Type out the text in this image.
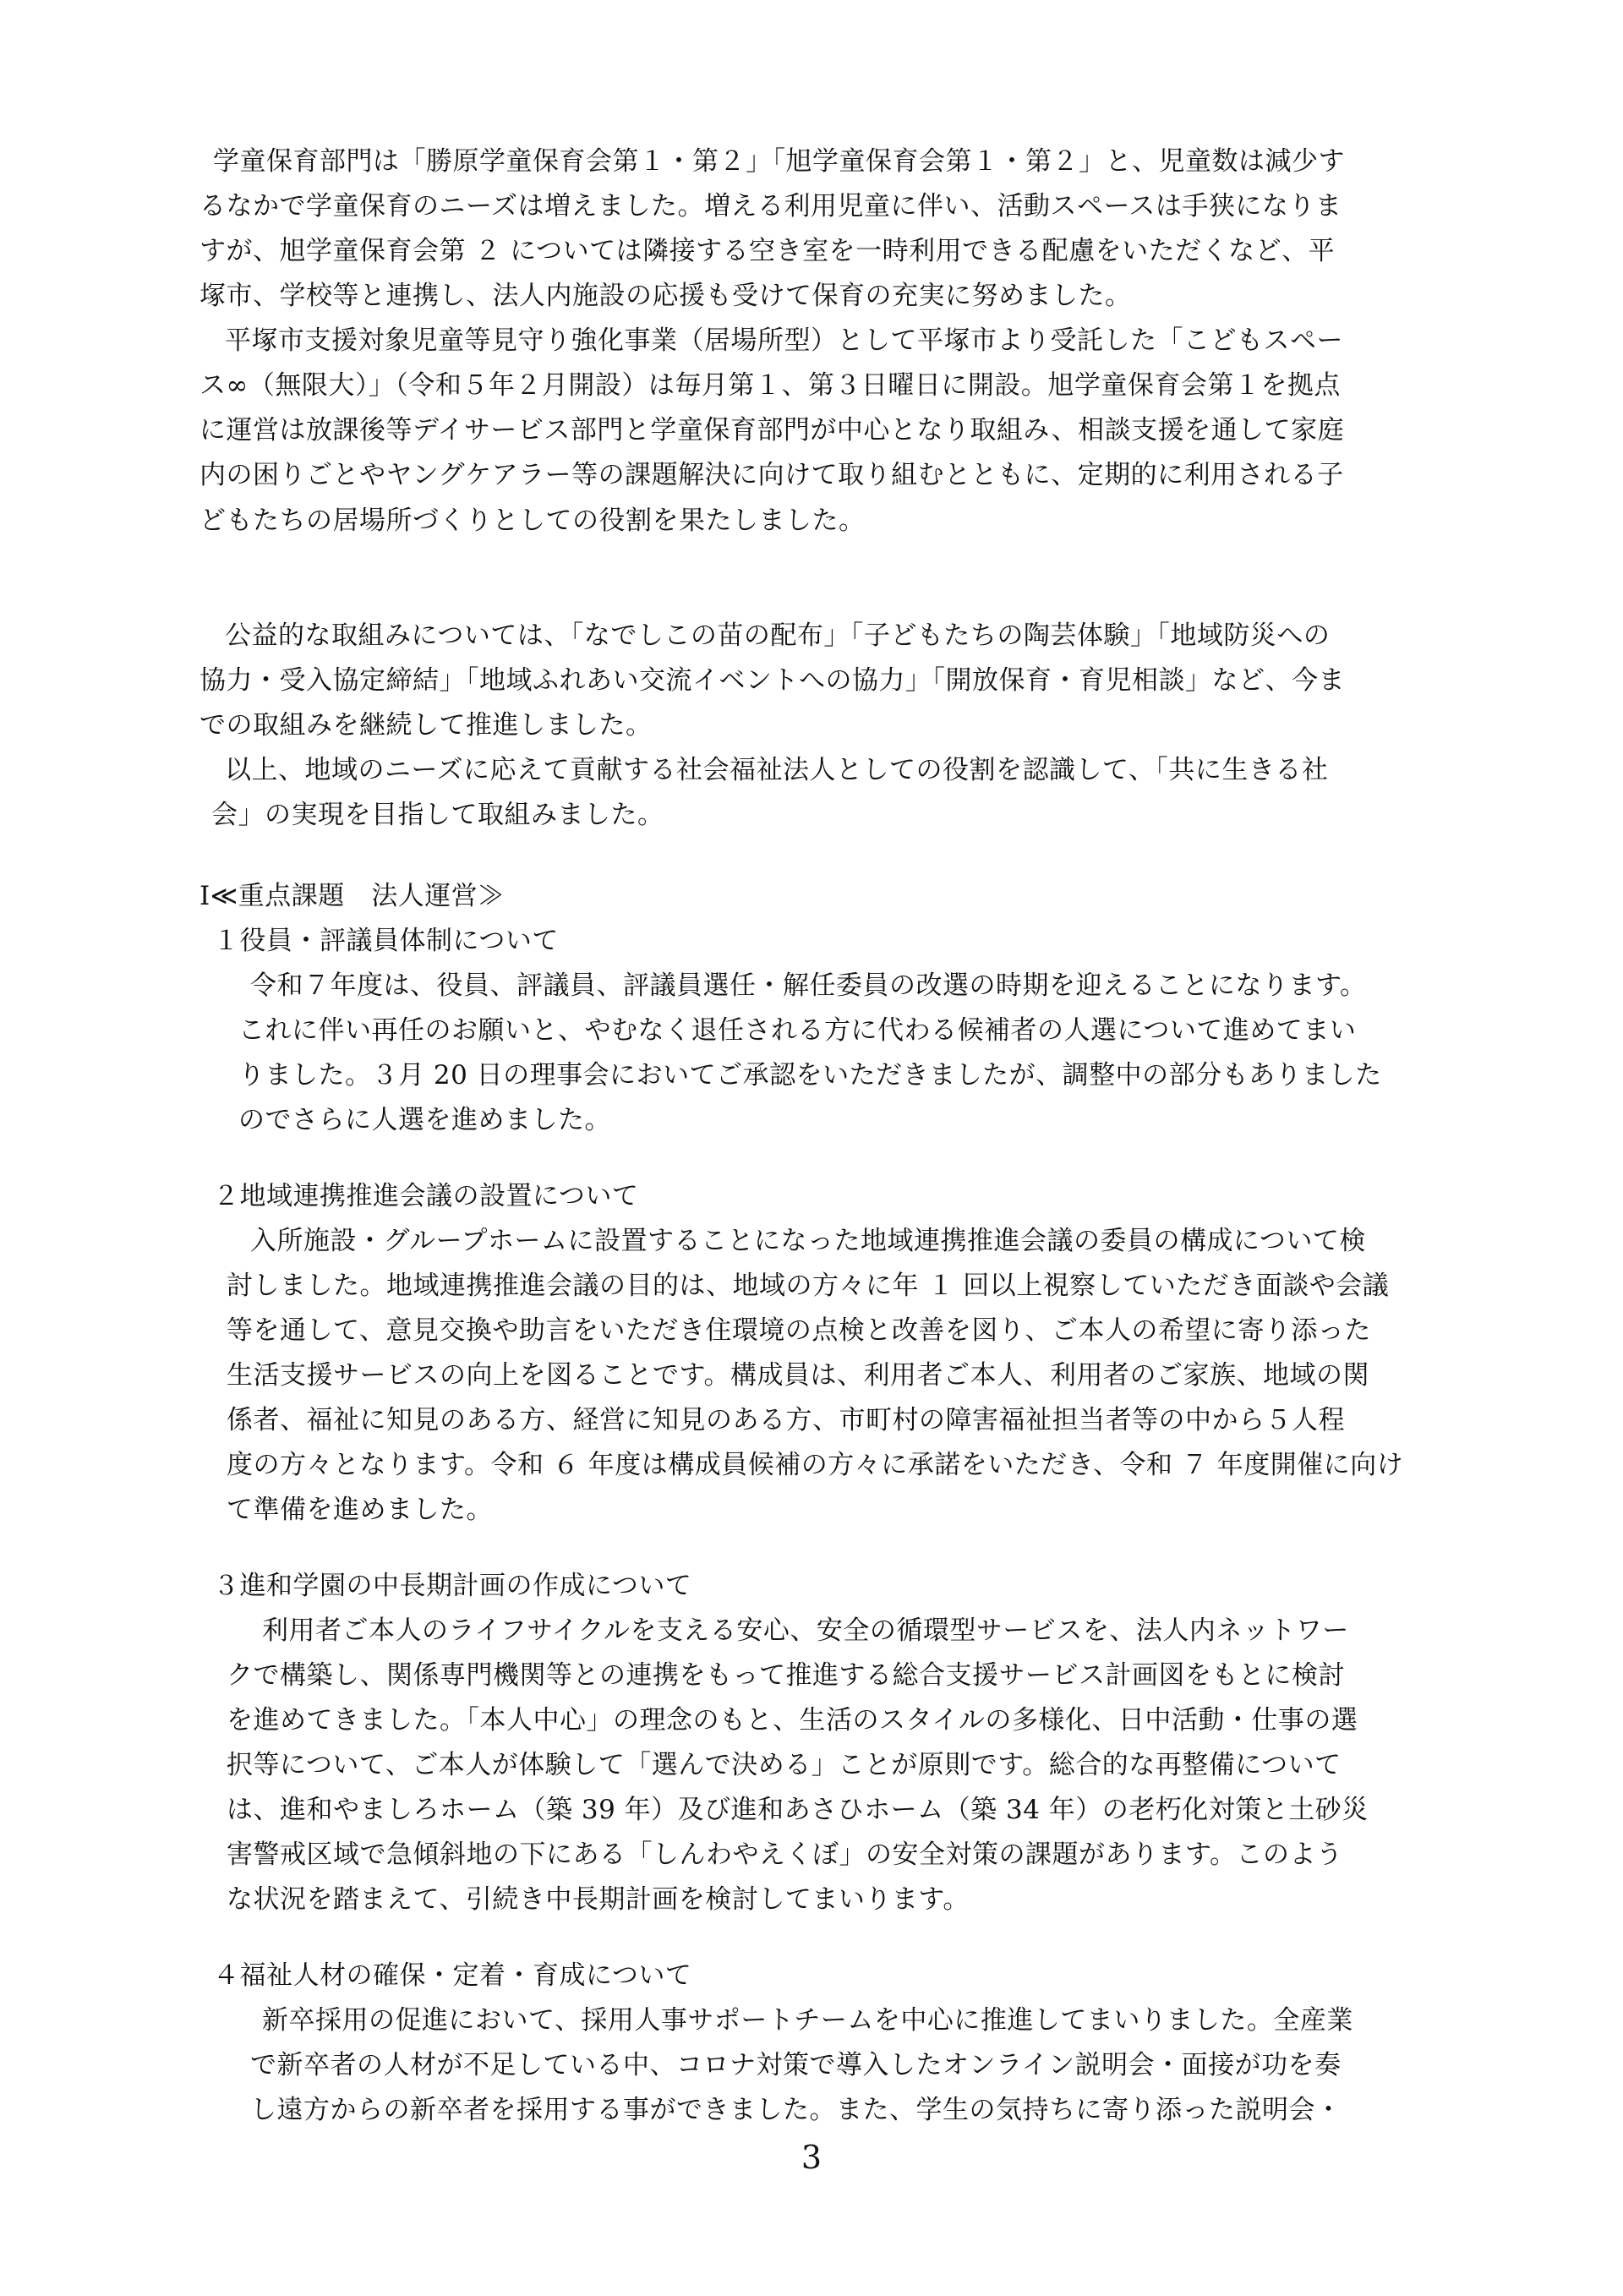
学童保育部門は「勝原学童保育会第１・第２」「旭学童保育会第１・第２」と、児童数は減少す
るなかで学童保育のニーズは増えました。増える利用児童に伴い、活動スペースは手狭になりま
すが、旭学童保育会第 ２ については隣接する空き室を一時利用できる配慮をいただくなど、平
塚市、学校等と連携し、法人内施設の応援も受けて保育の充実に努めました。
平塚市支援対象児童等見守り強化事業（居場所型）として平塚市より受託した「こどもスペー
ス∞（無限大）」（令和５年２月開設）は毎月第１、第３日曜日に開設。旭学童保育会第１を拠点
に運営は放課後等デイサービス部門と学童保育部門が中心となり取組み、相談支援を通して家庭
内の困りごとやヤングケアラー等の課題解決に向けて取り組むとともに、定期的に利用される子
どもたちの居場所づくりとしての役割を果たしました。
公益的な取組みについては、「なでしこの苗の配布」「子どもたちの陶芸体験」「地域防災への
協力・受入協定締結」「地域ふれあい交流イベントへの協力」「開放保育・育児相談」など、今ま
での取組みを継続して推進しました。
以上、地域のニーズに応えて貢献する社会福祉法人としての役割を認識して、「共に生きる社
会」の実現を目指して取組みました。
Ⅰ≪重点課題　法人運営≫
１役員・評議員体制について
令和７年度は、役員、評議員、評議員選任・解任委員の改選の時期を迎えることになります。
これに伴い再任のお願いと、やむなく退任される方に代わる候補者の人選について進めてまい
りました。３月 20 日の理事会においてご承認をいただきましたが、調整中の部分もありました
のでさらに人選を進めました。
２地域連携推進会議の設置について
入所施設・グループホームに設置することになった地域連携推進会議の委員の構成について検
討しました。地域連携推進会議の目的は、地域の方々に年 １ 回以上視察していただき面談や会議
等を通して、意見交換や助言をいただき住環境の点検と改善を図り、ご本人の希望に寄り添った
生活支援サービスの向上を図ることです。構成員は、利用者ご本人、利用者のご家族、地域の関
係者、福祉に知見のある方、経営に知見のある方、市町村の障害福祉担当者等の中から５人程
度の方々となります。令和 ６ 年度は構成員候補の方々に承諾をいただき、令和 ７ 年度開催に向け
て準備を進めました。
３進和学園の中長期計画の作成について
利用者ご本人のライフサイクルを支える安心、安全の循環型サービスを、法人内ネットワー
クで構築し、関係専門機関等との連携をもって推進する総合支援サービス計画図をもとに検討
を進めてきました。「本人中心」の理念のもと、生活のスタイルの多様化、日中活動・仕事の選
択等について、ご本人が体験して「選んで決める」ことが原則です。総合的な再整備について
は、進和やましろホーム（築 39 年）及び進和あさひホーム（築 34 年）の老朽化対策と土砂災
害警戒区域で急傾斜地の下にある「しんわやえくぼ」の安全対策の課題があります。このよう
な状況を踏まえて、引続き中長期計画を検討してまいります。
４福祉人材の確保・定着・育成について
新卒採用の促進において、採用人事サポートチームを中心に推進してまいりました。全産業
で新卒者の人材が不足している中、コロナ対策で導入したオンライン説明会・面接が功を奏
し遠方からの新卒者を採用する事ができました。また、学生の気持ちに寄り添った説明会・
3
